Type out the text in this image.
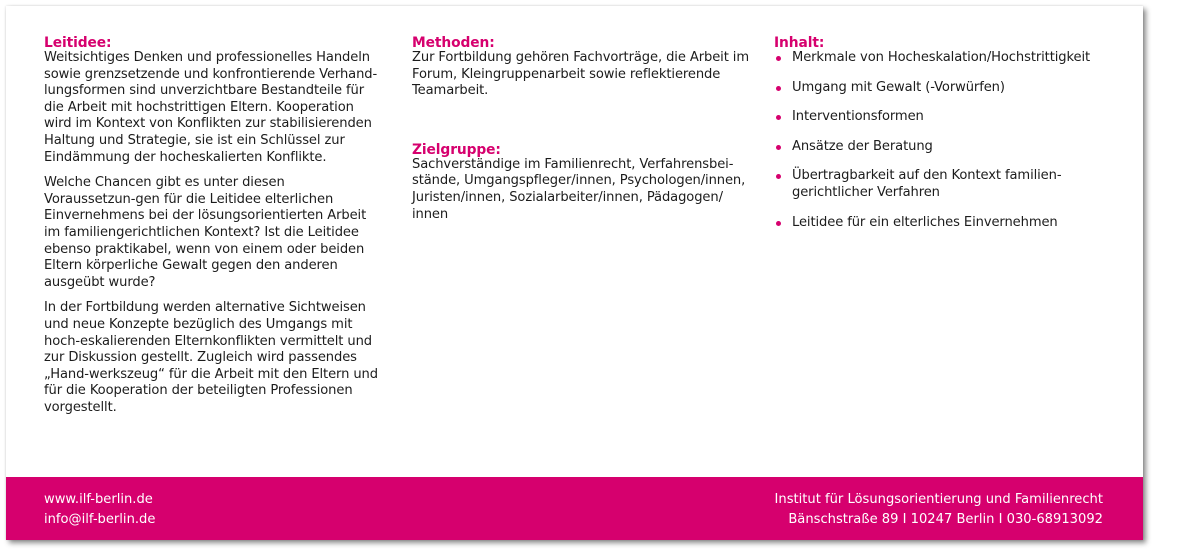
Leitidee:

Weitsichtiges Denken und professionelles Handeln sowie grenzsetzende und konfrontierende Verhand-lungsformen sind unverzichtbare Bestandteile für die Arbeit mit hochstrittigen Eltern. Kooperation wird im Kontext von Konflikten zur stabilisierenden Haltung und Strategie, sie ist ein Schlüssel zur Eindämmung der hocheskalierten Konflikte.

Welche Chancen gibt es unter diesen Voraussetzun-gen für die Leitidee elterlichen Einvernehmens bei der lösungsorientierten Arbeit im familiengerichtlichen Kontext? Ist die Leitidee ebenso praktikabel, wenn von einem oder beiden Eltern körperliche Gewalt gegen den anderen ausgeübt wurde?

In der Fortbildung werden alternative Sichtweisen und neue Konzepte bezüglich des Umgangs mit hoch-eskalierenden Elternkonflikten vermittelt und zur Diskussion gestellt. Zugleich wird passendes „Hand-werkszeug“ für die Arbeit mit den Eltern und für die Kooperation der beteiligten Professionen vorgestellt.

Methoden:

Zur Fortbildung gehören Fachvorträge, die Arbeit im Forum, Kleingruppenarbeit sowie reflektierende Teamarbeit.

Zielgruppe:

Sachverständige im Familienrecht, Verfahrensbei-stände, Umgangspfleger/innen, Psychologen/innen, Juristen/innen, Sozialarbeiter/innen, Pädagogen/ innen

Inhalt:
Merkmale von Hocheskalation/Hochstrittigkeit
Umgang mit Gewalt (-Vorwürfen)
Interventionsformen
Ansätze der Beratung
Übertragbarkeit auf den Kontext familien-gerichtlicher Verfahren
Leitidee für ein elterliches Einvernehmen
www.ilf-berlin.de
info@ilf-berlin.de
Institut für Lösungsorientierung und Familienrecht
Bänschstraße 89 I 10247 Berlin I 030-68913092
